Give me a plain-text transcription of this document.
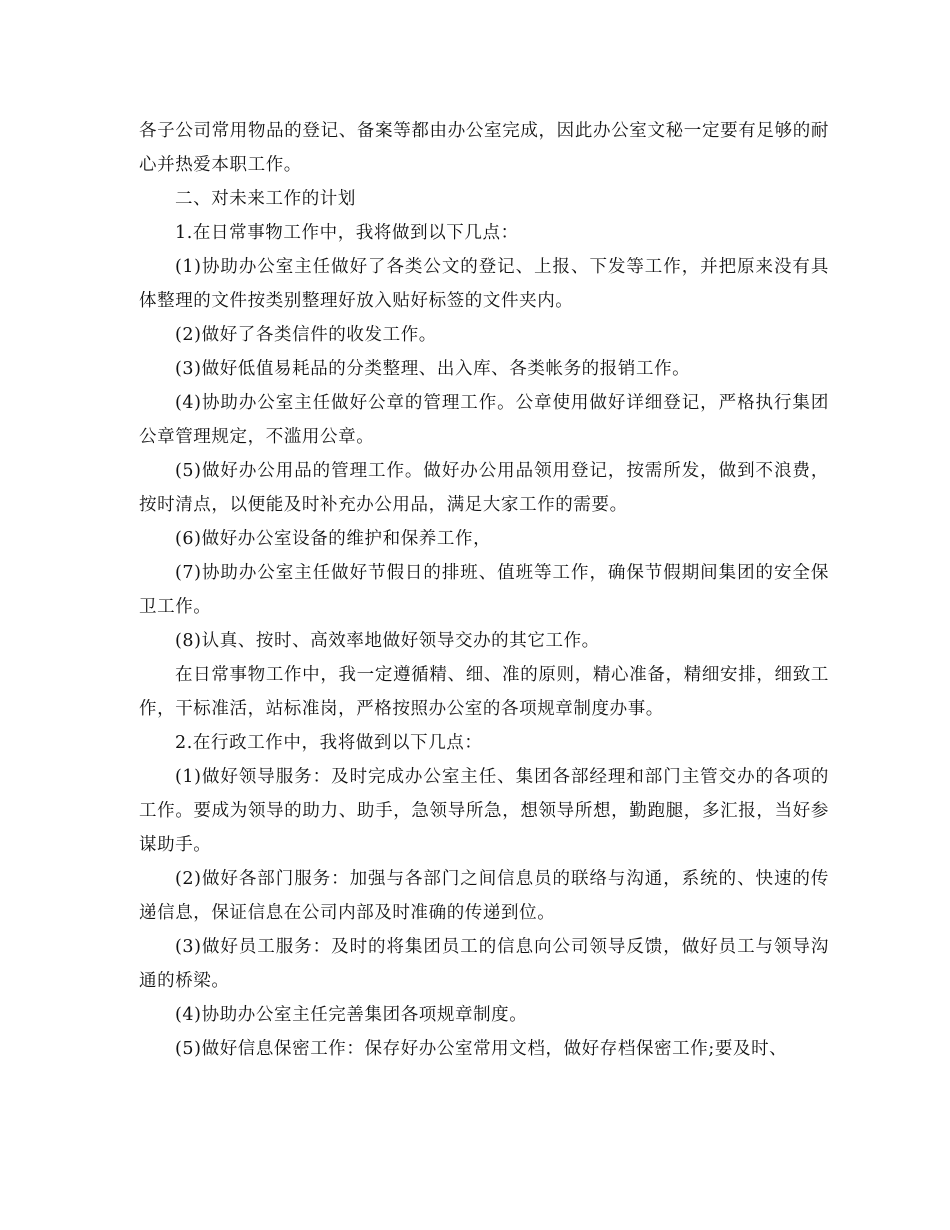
各子公司常用物品的登记、备案等都由办公室完成，因此办公室文秘一定要有足够的耐心并热爱本职工作。

二、对未来工作的计划

1.在日常事物工作中，我将做到以下几点：

(1)协助办公室主任做好了各类公文的登记、上报、下发等工作，并把原来没有具体整理的文件按类别整理好放入贴好标签的文件夹内。

(2)做好了各类信件的收发工作。

(3)做好低值易耗品的分类整理、出入库、各类帐务的报销工作。

(4)协助办公室主任做好公章的管理工作。公章使用做好详细登记，严格执行集团公章管理规定，不滥用公章。

(5)做好办公用品的管理工作。做好办公用品领用登记，按需所发，做到不浪费，按时清点，以便能及时补充办公用品，满足大家工作的需要。

(6)做好办公室设备的维护和保养工作，

(7)协助办公室主任做好节假日的排班、值班等工作，确保节假期间集团的安全保卫工作。

(8)认真、按时、高效率地做好领导交办的其它工作。

在日常事物工作中，我一定遵循精、细、准的原则，精心准备，精细安排，细致工作，干标准活，站标准岗，严格按照办公室的各项规章制度办事。

2.在行政工作中，我将做到以下几点：

(1)做好领导服务：及时完成办公室主任、集团各部经理和部门主管交办的各项的工作。要成为领导的助力、助手，急领导所急，想领导所想，勤跑腿，多汇报，当好参谋助手。

(2)做好各部门服务：加强与各部门之间信息员的联络与沟通，系统的、快速的传递信息，保证信息在公司内部及时准确的传递到位。

(3)做好员工服务：及时的将集团员工的信息向公司领导反馈，做好员工与领导沟通的桥梁。

(4)协助办公室主任完善集团各项规章制度。

(5)做好信息保密工作：保存好办公室常用文档，做好存档保密工作;要及时、
